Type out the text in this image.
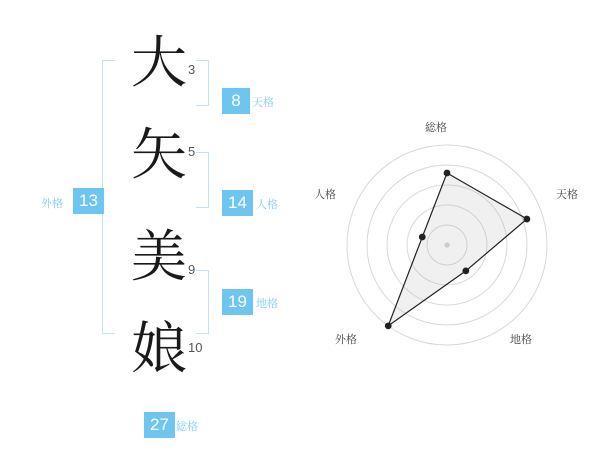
大
矢
美
娘
3
5
9
10
8	天格
14 人格
19 地格
13
外格
27 総格
総格
天格
地格
外格
人格
